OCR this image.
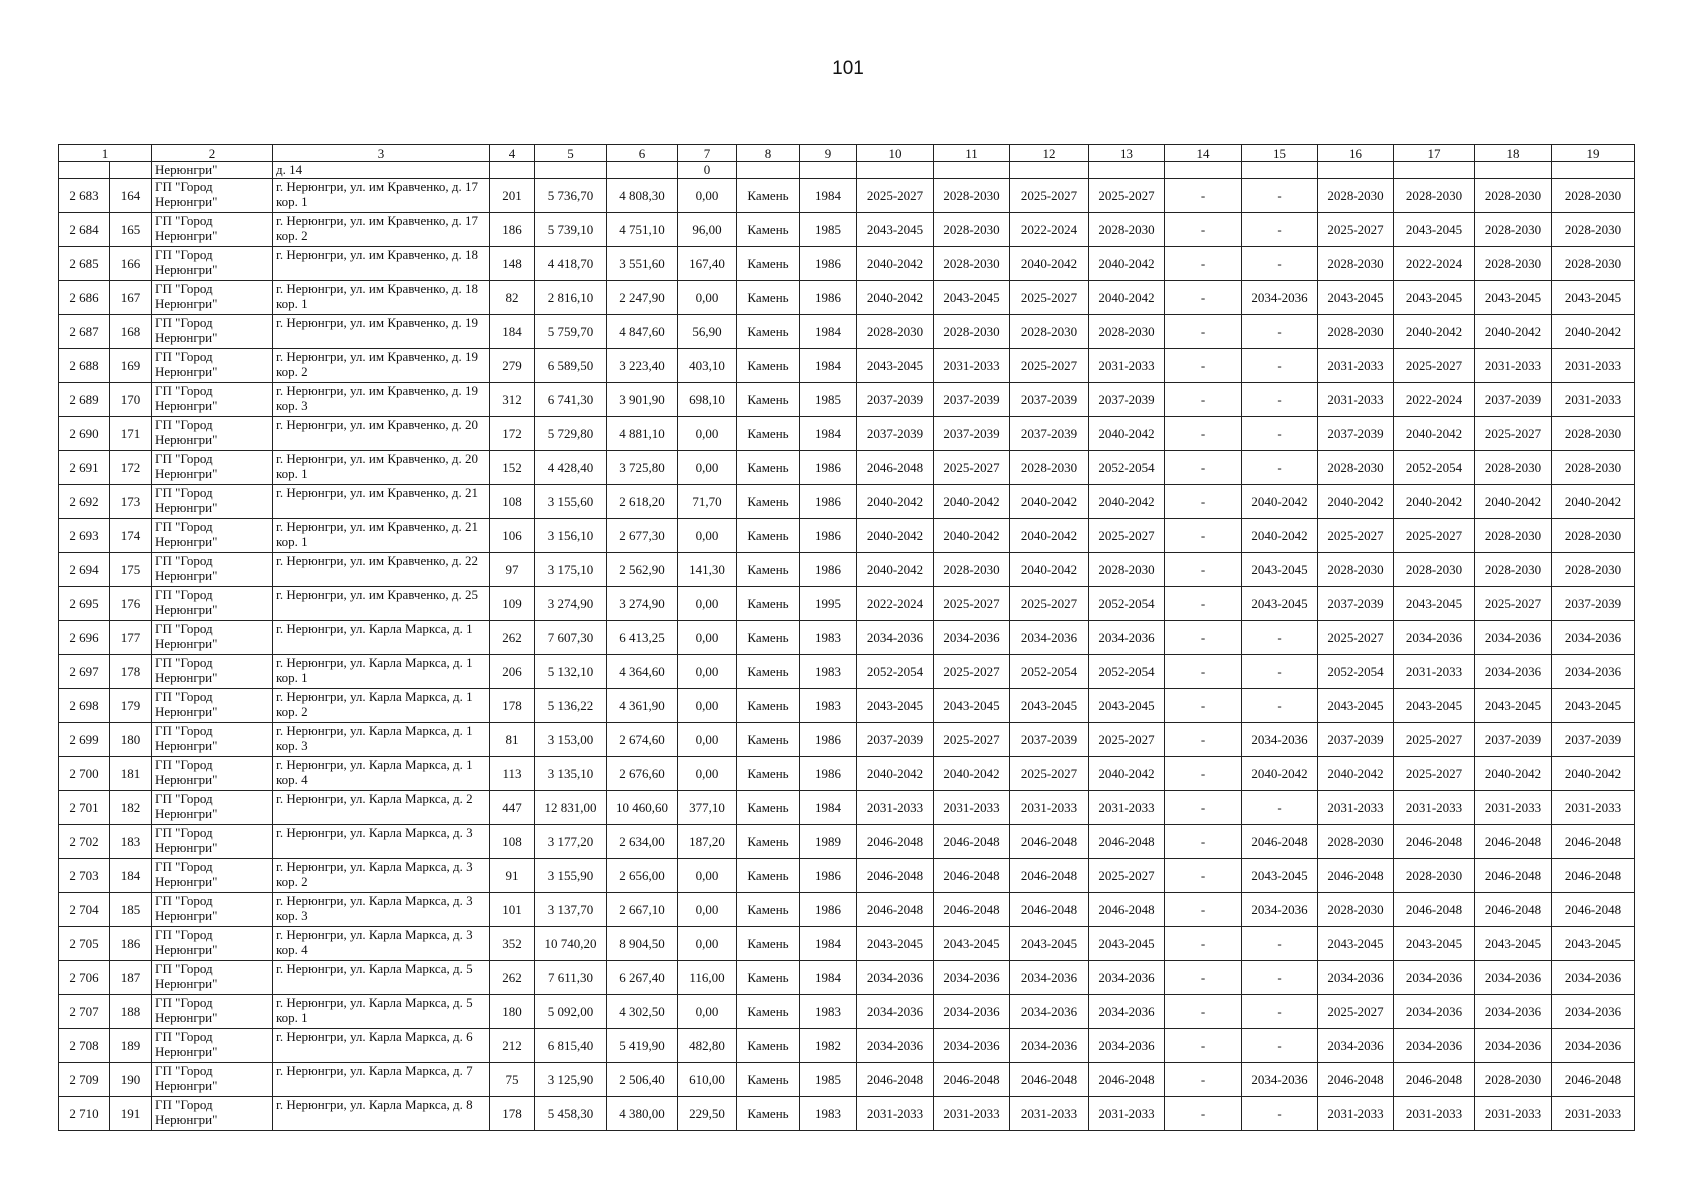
101
1		2	3	4	5	6	7	8	9	10	11	12	13	14	15	16	17	18	19
		Нерюнгри"	д. 14				0												
2 683	164	ГП "Город Нерюнгри"	г. Нерюнгри, ул. им Кравченко, д. 17 кор. 1	201	5 736,70	4 808,30	0,00	Камень	1984	2025-2027	2028-2030	2025-2027	2025-2027	-	-	2028-2030	2028-2030	2028-2030	2028-2030
2 684	165	ГП "Город Нерюнгри"	г. Нерюнгри, ул. им Кравченко, д. 17 кор. 2	186	5 739,10	4 751,10	96,00	Камень	1985	2043-2045	2028-2030	2022-2024	2028-2030	-	-	2025-2027	2043-2045	2028-2030	2028-2030
2 685	166	ГП "Город Нерюнгри"	г. Нерюнгри, ул. им Кравченко, д. 18	148	4 418,70	3 551,60	167,40	Камень	1986	2040-2042	2028-2030	2040-2042	2040-2042	-	-	2028-2030	2022-2024	2028-2030	2028-2030
2 686	167	ГП "Город Нерюнгри"	г. Нерюнгри, ул. им Кравченко, д. 18 кор. 1	82	2 816,10	2 247,90	0,00	Камень	1986	2040-2042	2043-2045	2025-2027	2040-2042	-	2034-2036	2043-2045	2043-2045	2043-2045	2043-2045
2 687	168	ГП "Город Нерюнгри"	г. Нерюнгри, ул. им Кравченко, д. 19	184	5 759,70	4 847,60	56,90	Камень	1984	2028-2030	2028-2030	2028-2030	2028-2030	-	-	2028-2030	2040-2042	2040-2042	2040-2042
2 688	169	ГП "Город Нерюнгри"	г. Нерюнгри, ул. им Кравченко, д. 19 кор. 2	279	6 589,50	3 223,40	403,10	Камень	1984	2043-2045	2031-2033	2025-2027	2031-2033	-	-	2031-2033	2025-2027	2031-2033	2031-2033
2 689	170	ГП "Город Нерюнгри"	г. Нерюнгри, ул. им Кравченко, д. 19 кор. 3	312	6 741,30	3 901,90	698,10	Камень	1985	2037-2039	2037-2039	2037-2039	2037-2039	-	-	2031-2033	2022-2024	2037-2039	2031-2033
2 690	171	ГП "Город Нерюнгри"	г. Нерюнгри, ул. им Кравченко, д. 20	172	5 729,80	4 881,10	0,00	Камень	1984	2037-2039	2037-2039	2037-2039	2040-2042	-	-	2037-2039	2040-2042	2025-2027	2028-2030
2 691	172	ГП "Город Нерюнгри"	г. Нерюнгри, ул. им Кравченко, д. 20 кор. 1	152	4 428,40	3 725,80	0,00	Камень	1986	2046-2048	2025-2027	2028-2030	2052-2054	-	-	2028-2030	2052-2054	2028-2030	2028-2030
2 692	173	ГП "Город Нерюнгри"	г. Нерюнгри, ул. им Кравченко, д. 21	108	3 155,60	2 618,20	71,70	Камень	1986	2040-2042	2040-2042	2040-2042	2040-2042	-	2040-2042	2040-2042	2040-2042	2040-2042	2040-2042
2 693	174	ГП "Город Нерюнгри"	г. Нерюнгри, ул. им Кравченко, д. 21 кор. 1	106	3 156,10	2 677,30	0,00	Камень	1986	2040-2042	2040-2042	2040-2042	2025-2027	-	2040-2042	2025-2027	2025-2027	2028-2030	2028-2030
2 694	175	ГП "Город Нерюнгри"	г. Нерюнгри, ул. им Кравченко, д. 22	97	3 175,10	2 562,90	141,30	Камень	1986	2040-2042	2028-2030	2040-2042	2028-2030	-	2043-2045	2028-2030	2028-2030	2028-2030	2028-2030
2 695	176	ГП "Город Нерюнгри"	г. Нерюнгри, ул. им Кравченко, д. 25	109	3 274,90	3 274,90	0,00	Камень	1995	2022-2024	2025-2027	2025-2027	2052-2054	-	2043-2045	2037-2039	2043-2045	2025-2027	2037-2039
2 696	177	ГП "Город Нерюнгри"	г. Нерюнгри, ул. Карла Маркса, д. 1	262	7 607,30	6 413,25	0,00	Камень	1983	2034-2036	2034-2036	2034-2036	2034-2036	-	-	2025-2027	2034-2036	2034-2036	2034-2036
2 697	178	ГП "Город Нерюнгри"	г. Нерюнгри, ул. Карла Маркса, д. 1 кор. 1	206	5 132,10	4 364,60	0,00	Камень	1983	2052-2054	2025-2027	2052-2054	2052-2054	-	-	2052-2054	2031-2033	2034-2036	2034-2036
2 698	179	ГП "Город Нерюнгри"	г. Нерюнгри, ул. Карла Маркса, д. 1 кор. 2	178	5 136,22	4 361,90	0,00	Камень	1983	2043-2045	2043-2045	2043-2045	2043-2045	-	-	2043-2045	2043-2045	2043-2045	2043-2045
2 699	180	ГП "Город Нерюнгри"	г. Нерюнгри, ул. Карла Маркса, д. 1 кор. 3	81	3 153,00	2 674,60	0,00	Камень	1986	2037-2039	2025-2027	2037-2039	2025-2027	-	2034-2036	2037-2039	2025-2027	2037-2039	2037-2039
2 700	181	ГП "Город Нерюнгри"	г. Нерюнгри, ул. Карла Маркса, д. 1 кор. 4	113	3 135,10	2 676,60	0,00	Камень	1986	2040-2042	2040-2042	2025-2027	2040-2042	-	2040-2042	2040-2042	2025-2027	2040-2042	2040-2042
2 701	182	ГП "Город Нерюнгри"	г. Нерюнгри, ул. Карла Маркса, д. 2	447	12 831,00	10 460,60	377,10	Камень	1984	2031-2033	2031-2033	2031-2033	2031-2033	-	-	2031-2033	2031-2033	2031-2033	2031-2033
2 702	183	ГП "Город Нерюнгри"	г. Нерюнгри, ул. Карла Маркса, д. 3	108	3 177,20	2 634,00	187,20	Камень	1989	2046-2048	2046-2048	2046-2048	2046-2048	-	2046-2048	2028-2030	2046-2048	2046-2048	2046-2048
2 703	184	ГП "Город Нерюнгри"	г. Нерюнгри, ул. Карла Маркса, д. 3 кор. 2	91	3 155,90	2 656,00	0,00	Камень	1986	2046-2048	2046-2048	2046-2048	2025-2027	-	2043-2045	2046-2048	2028-2030	2046-2048	2046-2048
2 704	185	ГП "Город Нерюнгри"	г. Нерюнгри, ул. Карла Маркса, д. 3 кор. 3	101	3 137,70	2 667,10	0,00	Камень	1986	2046-2048	2046-2048	2046-2048	2046-2048	-	2034-2036	2028-2030	2046-2048	2046-2048	2046-2048
2 705	186	ГП "Город Нерюнгри"	г. Нерюнгри, ул. Карла Маркса, д. 3 кор. 4	352	10 740,20	8 904,50	0,00	Камень	1984	2043-2045	2043-2045	2043-2045	2043-2045	-	-	2043-2045	2043-2045	2043-2045	2043-2045
2 706	187	ГП "Город Нерюнгри"	г. Нерюнгри, ул. Карла Маркса, д. 5	262	7 611,30	6 267,40	116,00	Камень	1984	2034-2036	2034-2036	2034-2036	2034-2036	-	-	2034-2036	2034-2036	2034-2036	2034-2036
2 707	188	ГП "Город Нерюнгри"	г. Нерюнгри, ул. Карла Маркса, д. 5 кор. 1	180	5 092,00	4 302,50	0,00	Камень	1983	2034-2036	2034-2036	2034-2036	2034-2036	-	-	2025-2027	2034-2036	2034-2036	2034-2036
2 708	189	ГП "Город Нерюнгри"	г. Нерюнгри, ул. Карла Маркса, д. 6	212	6 815,40	5 419,90	482,80	Камень	1982	2034-2036	2034-2036	2034-2036	2034-2036	-	-	2034-2036	2034-2036	2034-2036	2034-2036
2 709	190	ГП "Город Нерюнгри"	г. Нерюнгри, ул. Карла Маркса, д. 7	75	3 125,90	2 506,40	610,00	Камень	1985	2046-2048	2046-2048	2046-2048	2046-2048	-	2034-2036	2046-2048	2046-2048	2028-2030	2046-2048
2 710	191	ГП "Город Нерюнгри"	г. Нерюнгри, ул. Карла Маркса, д. 8	178	5 458,30	4 380,00	229,50	Камень	1983	2031-2033	2031-2033	2031-2033	2031-2033	-	-	2031-2033	2031-2033	2031-2033	2031-2033
